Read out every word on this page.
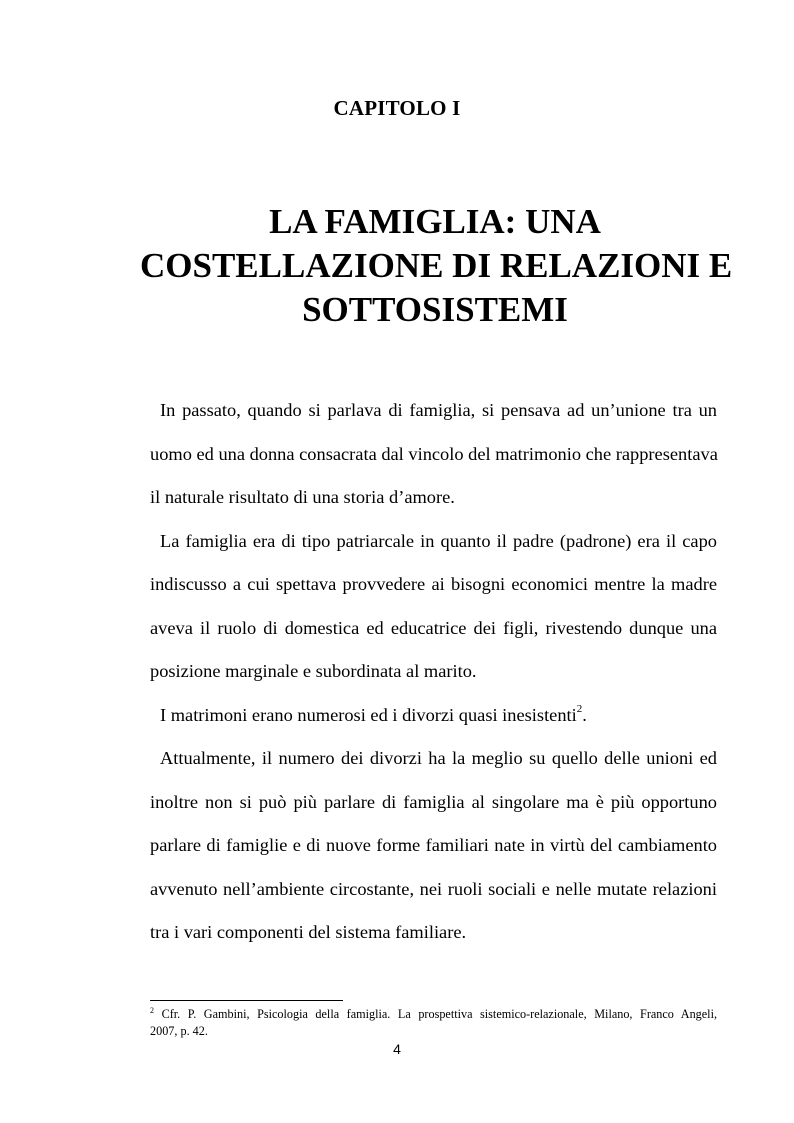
CAPITOLO I
LA FAMIGLIA: UNA
COSTELLAZIONE DI RELAZIONI E
SOTTOSISTEMI
In passato, quando si parlava di famiglia, si pensava ad un’unione tra un
uomo ed una donna consacrata dal vincolo del matrimonio che rappresentava
il naturale risultato di una storia d’amore.
La famiglia era di tipo patriarcale in quanto il padre (padrone) era il capo
indiscusso a cui spettava provvedere ai bisogni economici mentre la madre
aveva il ruolo di domestica ed educatrice dei figli, rivestendo dunque una
posizione marginale e subordinata al marito.
I matrimoni erano numerosi ed i divorzi quasi inesistenti$^2$.
Attualmente, il numero dei divorzi ha la meglio su quello delle unioni ed
inoltre non si può più parlare di famiglia al singolare ma è più opportuno
parlare di famiglie e di nuove forme familiari nate in virtù del cambiamento
avvenuto nell’ambiente circostante, nei ruoli sociali e nelle mutate relazioni
tra i vari componenti del sistema familiare.
$^2$ Cfr. P. Gambini, Psicologia della famiglia. La prospettiva sistemico-relazionale, Milano, Franco Angeli,
2007, p. 42.
4
